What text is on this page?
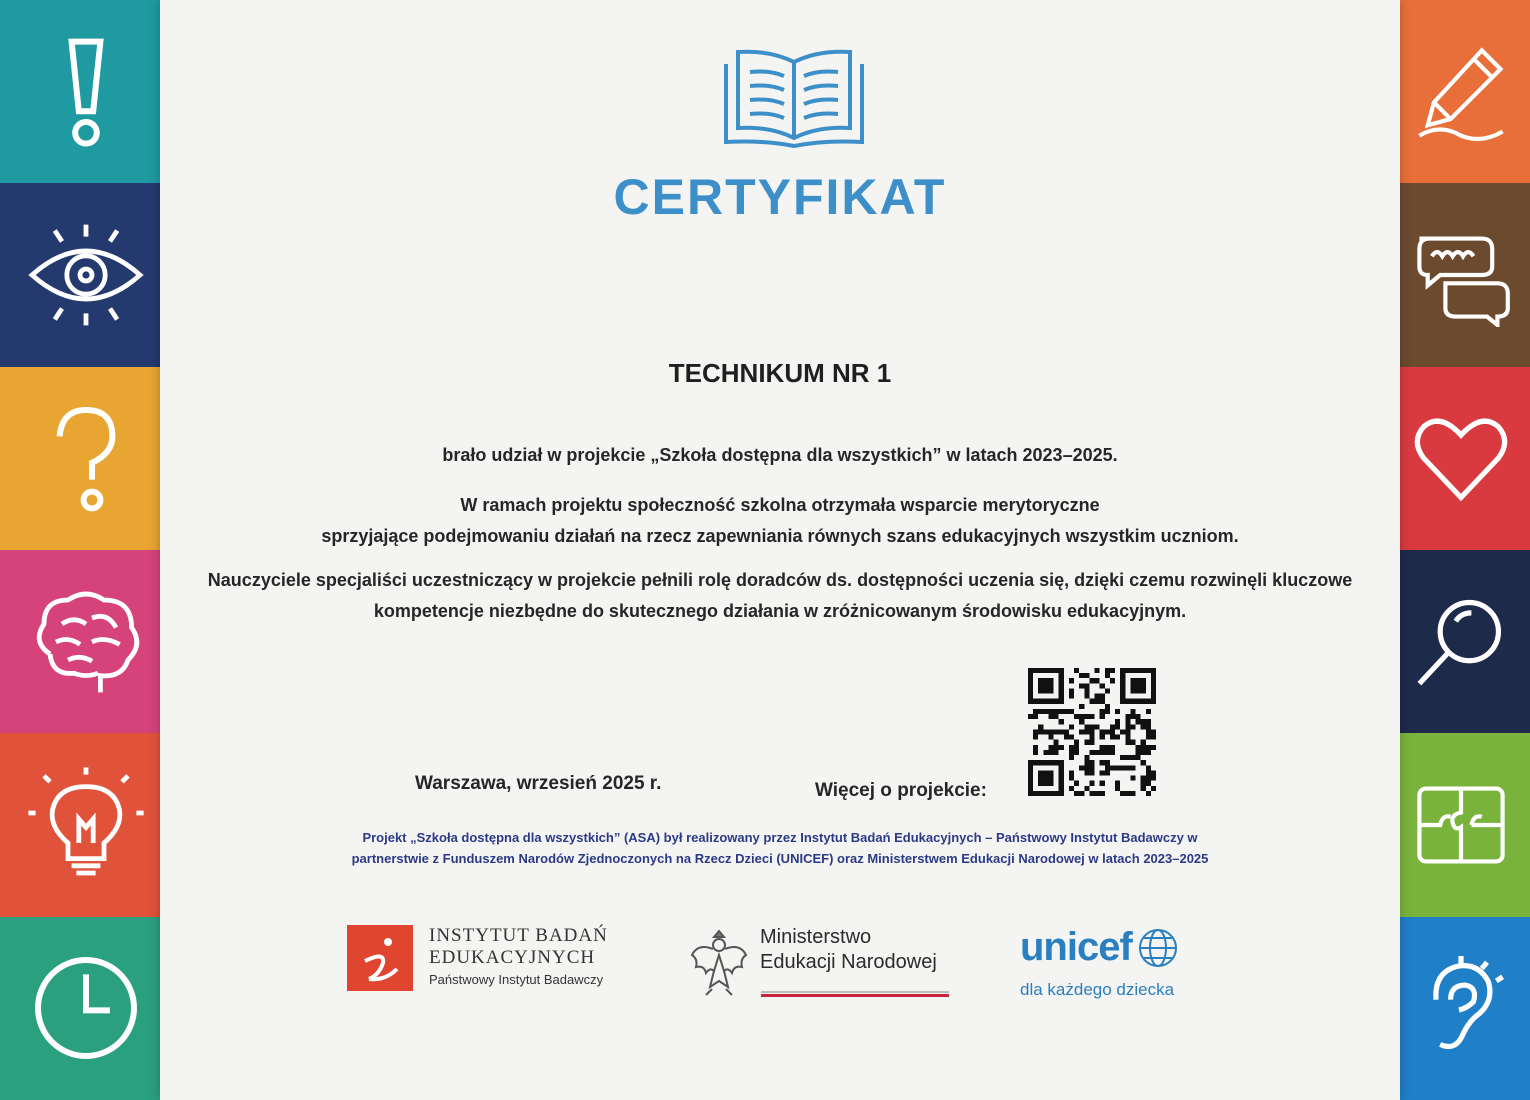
CERTYFIKAT
TECHNIKUM NR 1
brało udział w projekcie „Szkoła dostępna dla wszystkich” w latach 2023–2025.
W ramach projektu społeczność szkolna otrzymała wsparcie merytoryczne
sprzyjające podejmowaniu działań na rzecz zapewniania równych szans edukacyjnych wszystkim uczniom.
Nauczyciele specjaliści uczestniczący w projekcie pełnili rolę doradców ds. dostępności uczenia się, dzięki czemu rozwinęli kluczowe
kompetencje niezbędne do skutecznego działania w zróżnicowanym środowisku edukacyjnym.
Warszawa, wrzesień 2025 r.	Więcej o projekcie:
Projekt „Szkoła dostępna dla wszystkich” (ASA) był realizowany przez Instytut Badań Edukacyjnych – Państwowy Instytut Badawczy w
partnerstwie z Funduszem Narodów Zjednoczonych na Rzecz Dzieci (UNICEF) oraz Ministerstwem Edukacji Narodowej w latach 2023–2025
INSTYTUT BADAŃ
EDUKACYJNYCH
Państwowy Instytut Badawczy
Ministerstwo
Edukacji Narodowej unicef
dla każdego dziecka
